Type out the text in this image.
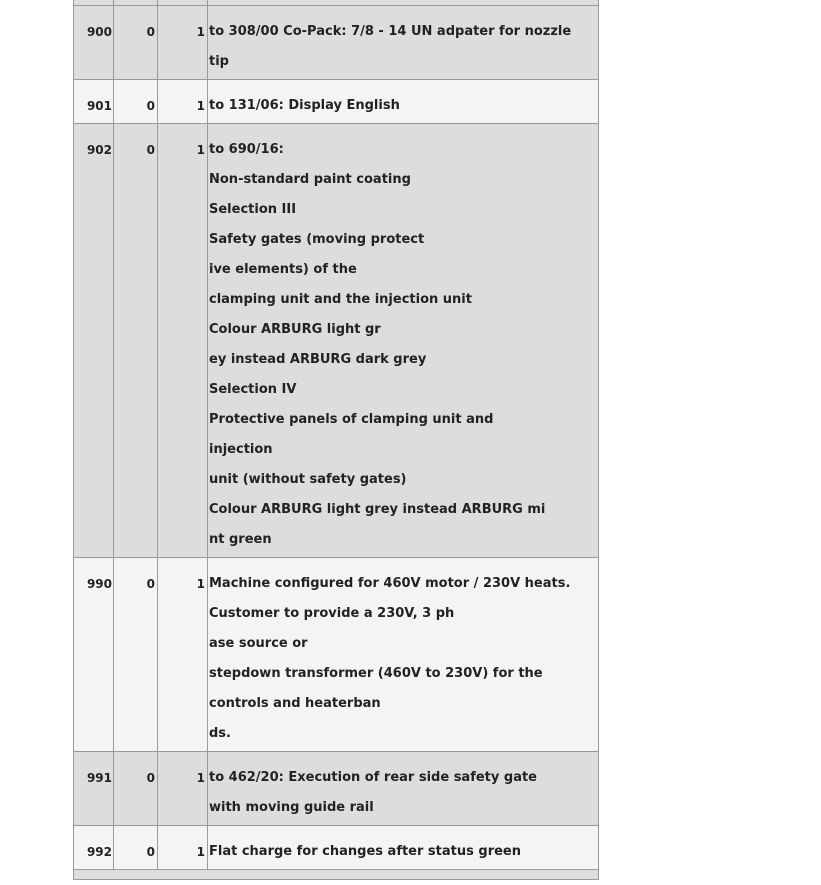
900	0	1 to 308/00 Co-Pack: 7/8 - 14 UN adpater for nozzle
tip
901	0	1 to 131/06: Display English
902	0	1 to 690/16:
Non-standard paint coating
Selection III
Safety gates (moving protect
ive elements) of the
clamping unit and the injection unit
Colour ARBURG light gr
ey instead ARBURG dark grey
Selection IV
Protective panels of clamping unit and
injection
unit (without safety gates)
Colour ARBURG light grey instead ARBURG mi
nt green
990	0	1 Machine configured for 460V motor / 230V heats.
Customer to provide a 230V, 3 ph
ase source or
stepdown transformer (460V to 230V) for the
controls and heaterban
ds.
991	0	1 to 462/20: Execution of rear side safety gate
with moving guide rail
992	0	1 Flat charge for changes after status green
